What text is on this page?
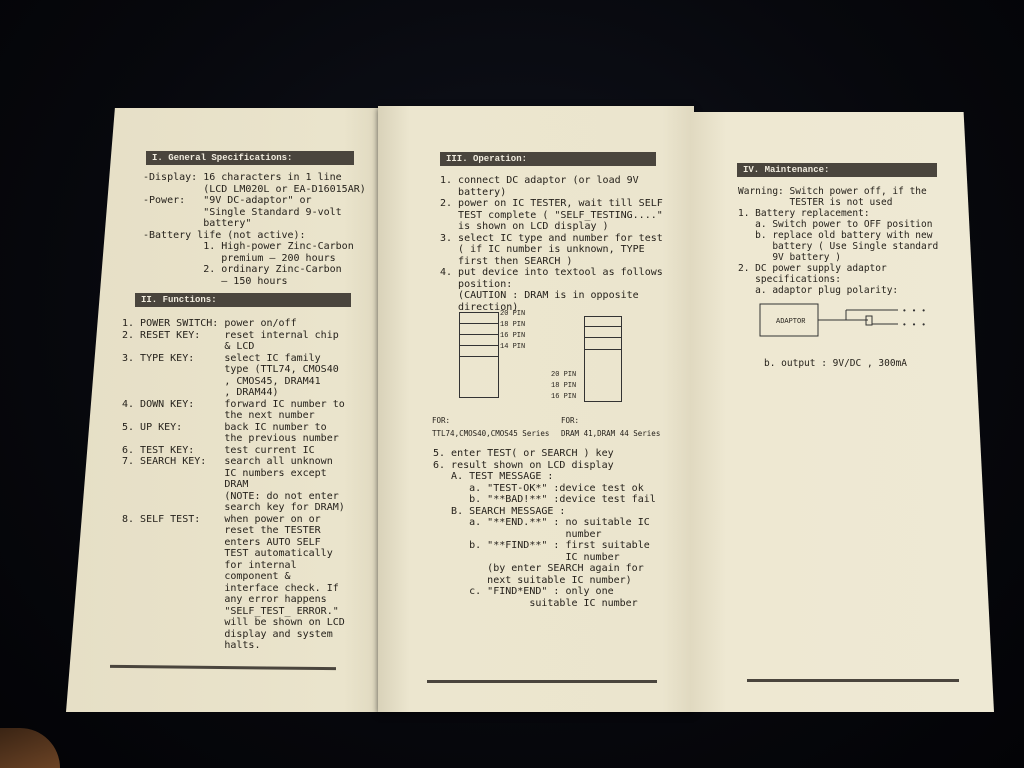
I. General Specifications:
-Display: 16 characters in 1 line
(LCD LM020L or EA-D16015AR)
-Power:   "9V DC-adaptor" or
"Single Standard 9-volt
battery"
-Battery life (not active):
1. High-power Zinc-Carbon
premium — 200 hours
2. ordinary Zinc-Carbon
— 150 hours
II. Functions:
1. POWER SWITCH: power on/off
2. RESET KEY:    reset internal chip
& LCD
3. TYPE KEY:     select IC family
type (TTL74, CMOS40
, CMOS45, DRAM41
, DRAM44)
4. DOWN KEY:     forward IC number to
the next number
5. UP KEY:       back IC number to
the previous number
6. TEST KEY:     test current IC
7. SEARCH KEY:   search all unknown
IC numbers except
DRAM
(NOTE: do not enter
search key for DRAM)
8. SELF TEST:    when power on or
reset the TESTER
enters AUTO SELF
TEST automatically
for internal
component &
interface check. If
any error happens
"SELF_TEST_ ERROR."
will be shown on LCD
display and system
halts.
III. Operation:
1. connect DC adaptor (or load 9V
battery)
2. power on IC TESTER, wait till SELF
TEST complete ( "SELF_TESTING...."
is shown on LCD display )
3. select IC type and number for test
( if IC number is unknown, TYPE
first then SEARCH )
4. put device into textool as follows
position:
(CAUTION : DRAM is in opposite
direction)
20 PIN
18 PIN
16 PIN
14 PIN
20 PIN
18 PIN
16 PIN
FOR:
TTL74,CMOS40,CMOS45 Series
FOR:
DRAM 41,DRAM 44 Series
5. enter TEST( or SEARCH ) key
6. result shown on LCD display
A. TEST MESSAGE :
a. "TEST-OK*" :device test ok
b. "**BAD!**" :device test fail
B. SEARCH MESSAGE :
a. "**END.**" : no suitable IC
number
b. "**FIND**" : first suitable
IC number
(by enter SEARCH again for
next suitable IC number)
c. "FIND*END" : only one
suitable IC number
IV. Maintenance:
Warning: Switch power off, if the
TESTER is not used
1. Battery replacement:
a. Switch power to OFF position
b. replace old battery with new
battery ( Use Single standard
9V battery )
2. DC power supply adaptor
specifications:
a. adaptor plug polarity:
• • •
• • •
ADAPTOR
b. output : 9V/DC , 300mA
